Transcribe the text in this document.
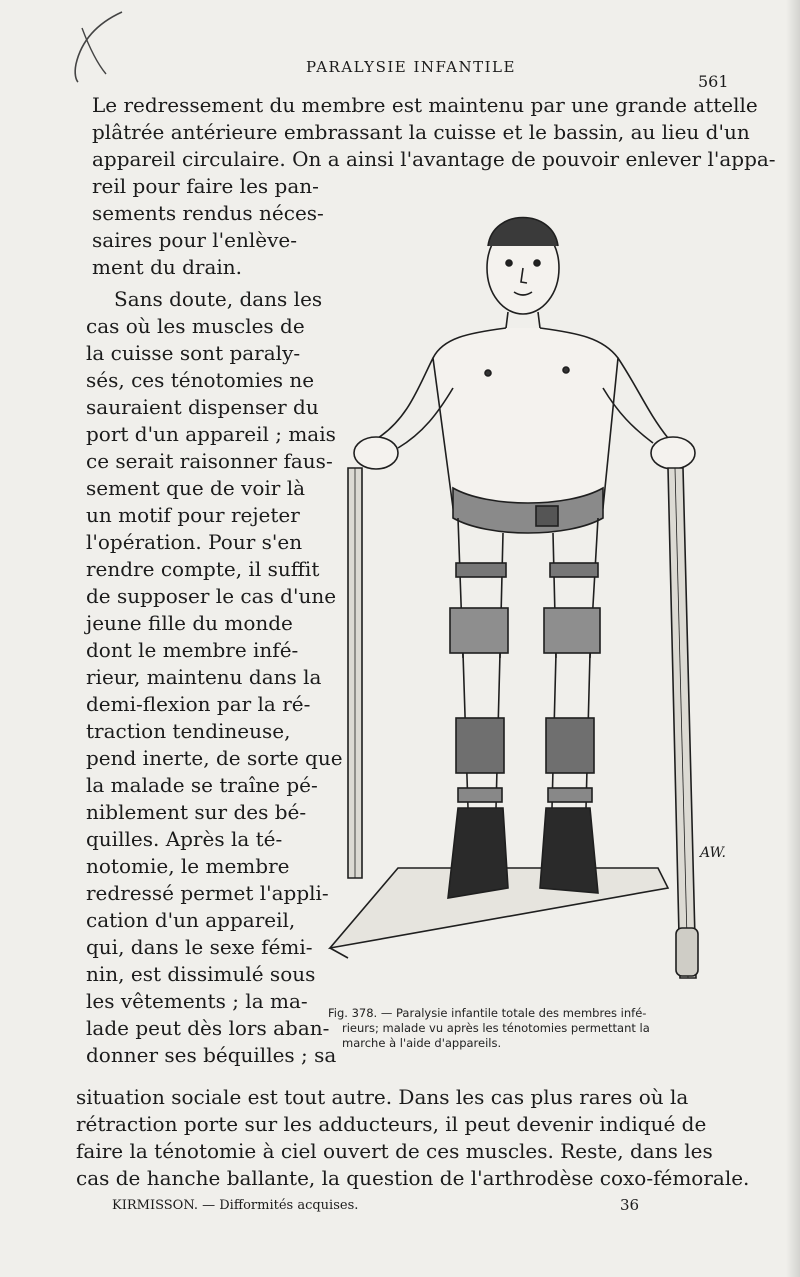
PARALYSIE INFANTILE
561
Le redressement du membre est maintenu par une grande attelle
plâtrée antérieure embrassant la cuisse et le bassin, au lieu d'un
appareil circulaire. On a ainsi l'avantage de pouvoir enlever l'appa-
reil pour faire les pan-
sements rendus néces-
saires pour l'enlève-
ment du drain.
Sans doute, dans les
cas où les muscles de
la cuisse sont paraly-
sés, ces ténotomies ne
sauraient dispenser du
port d'un appareil ; mais
ce serait raisonner faus-
sement que de voir là
un motif pour rejeter
l'opération. Pour s'en
rendre compte, il suffit
de supposer le cas d'une
jeune fille du monde
dont le membre infé-
rieur, maintenu dans la
demi-flexion par la ré-
traction tendineuse,
pend inerte, de sorte que
la malade se traîne pé-
niblement sur des bé-
quilles. Après la té-
notomie, le membre
redressé permet l'appli-
cation d'un appareil,
qui, dans le sexe fémi-
nin, est dissimulé sous
les vêtements ; la ma-
lade peut dès lors aban-
donner ses béquilles ; sa
AW.
Fig. 378. — Paralysie infantile totale des membres infé-
rieurs; malade vu après les ténotomies permettant la
marche à l'aide d'appareils.
situation sociale est tout autre. Dans les cas plus rares où la
rétraction porte sur les adducteurs, il peut devenir indiqué de
faire la ténotomie à ciel ouvert de ces muscles. Reste, dans les
cas de hanche ballante, la question de l'arthrodèse coxo-fémorale.
KIRMISSON. — Difformités acquises.	36
